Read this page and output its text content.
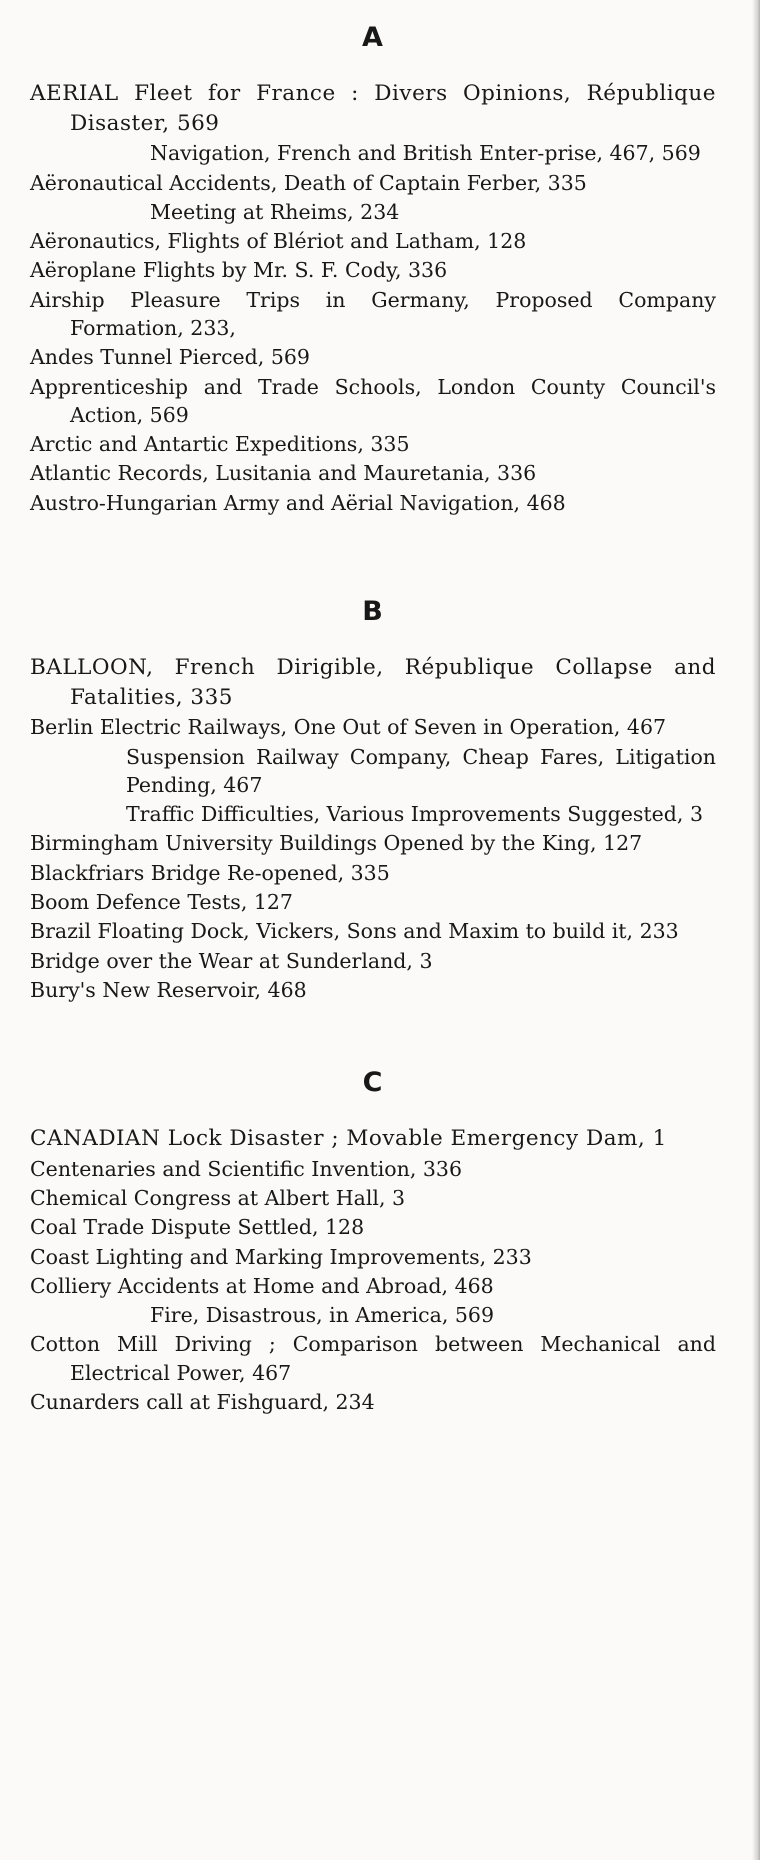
A
AERIAL Fleet for France : Divers Opinions, République Disaster, 569
Navigation, French and British Enter-prise, 467, 569
Aëronautical Accidents, Death of Captain Ferber, 335
Meeting at Rheims, 234
Aëronautics, Flights of Blériot and Latham, 128
Aëroplane Flights by Mr. S. F. Cody, 336
Airship Pleasure Trips in Germany, Proposed Company Formation, 233,
Andes Tunnel Pierced, 569
Apprenticeship and Trade Schools, London County Council's Action, 569
Arctic and Antartic Expeditions, 335
Atlantic Records, Lusitania and Mauretania, 336
Austro-Hungarian Army and Aërial Navigation, 468
B
BALLOON, French Dirigible, République Collapse and Fatalities, 335
Berlin Electric Railways, One Out of Seven in Operation, 467
Suspension Railway Company, Cheap Fares, Litigation Pending, 467
Traffic Difficulties, Various Improvements Suggested, 3
Birmingham University Buildings Opened by the King, 127
Blackfriars Bridge Re-opened, 335
Boom Defence Tests, 127
Brazil Floating Dock, Vickers, Sons and Maxim to build it, 233
Bridge over the Wear at Sunderland, 3
Bury's New Reservoir, 468
C
CANADIAN Lock Disaster ; Movable Emergency Dam, 1
Centenaries and Scientific Invention, 336
Chemical Congress at Albert Hall, 3
Coal Trade Dispute Settled, 128
Coast Lighting and Marking Improvements, 233
Colliery Accidents at Home and Abroad, 468
Fire, Disastrous, in America, 569
Cotton Mill Driving ; Comparison between Mechanical and Electrical Power, 467
Cunarders call at Fishguard, 234
